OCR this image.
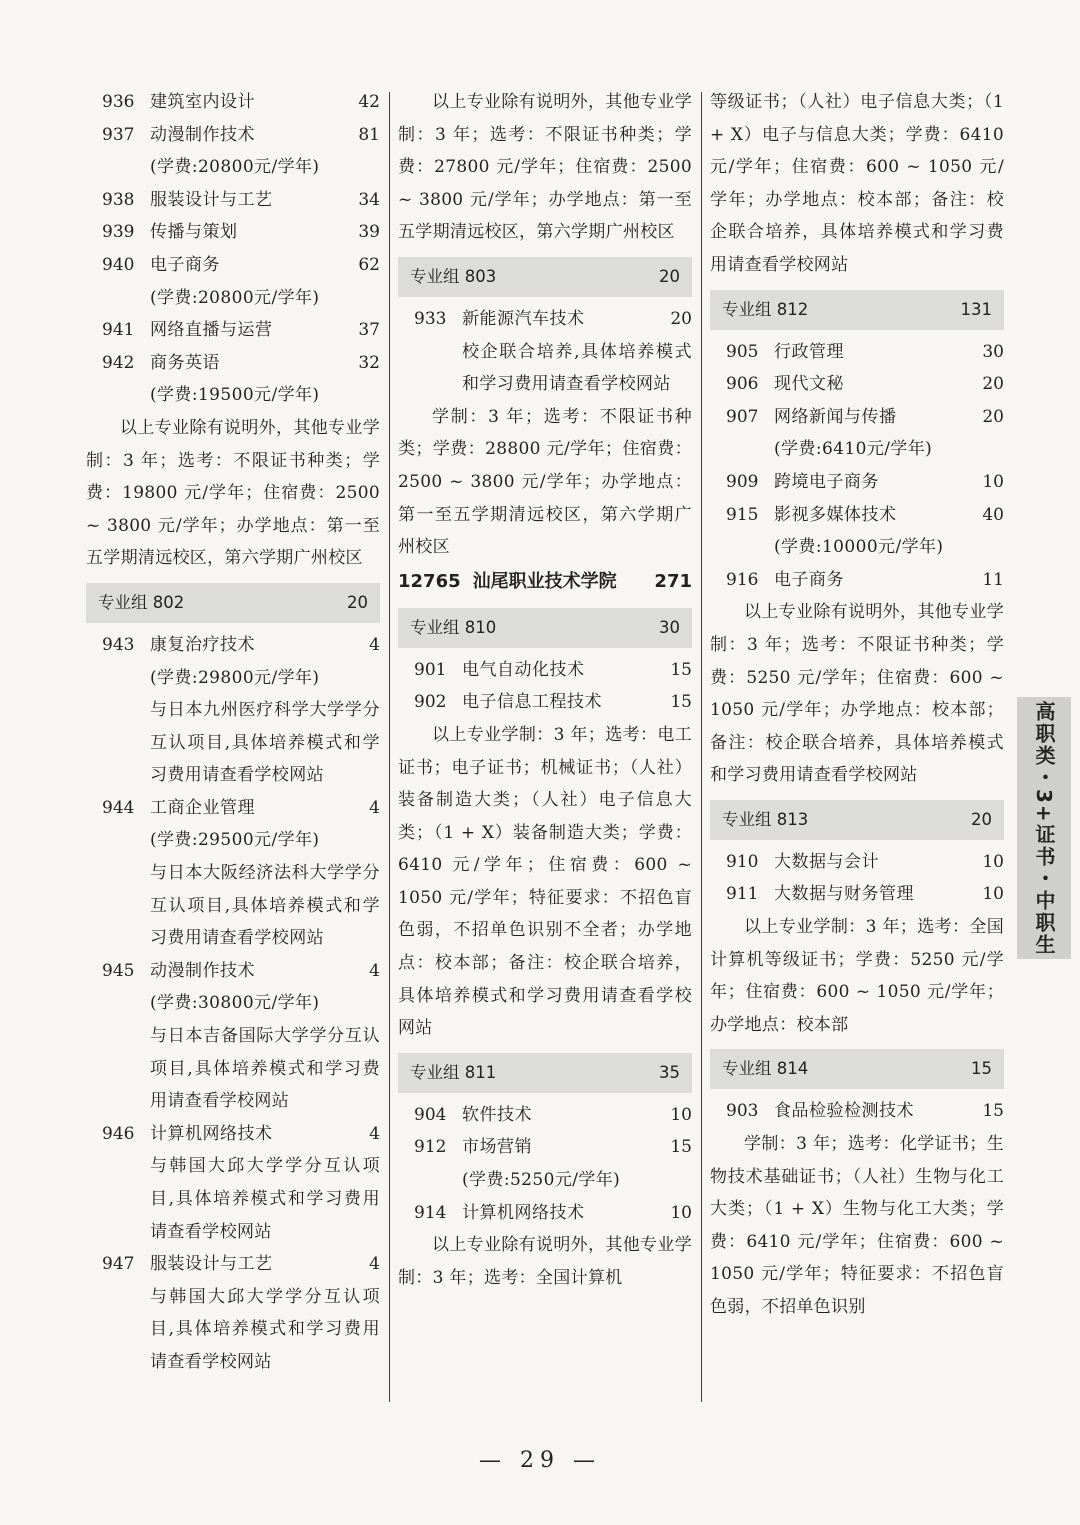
936 建筑室内设计	42
937 动漫制作技术	81
(学费:20800元/学年)
938 服装设计与工艺	34
939 传播与策划	39
940 电子商务	62
(学费:20800元/学年)
941 网络直播与运营	37
942 商务英语	32
(学费:19500元/学年)
以上专业除有说明外，其他专业学制：3 年；选考：不限证书种类；学费：19800 元/学年；住宿费：2500 ~ 3800 元/学年；办学地点：第一至五学期清远校区，第六学期广州校区
专业组 802	20
943 康复治疗技术	4
(学费:29800元/学年)
与日本九州医疗科学大学学分互认项目,具体培养模式和学习费用请查看学校网站
944 工商企业管理	4
(学费:29500元/学年)
与日本大阪经济法科大学学分互认项目,具体培养模式和学习费用请查看学校网站
945 动漫制作技术	4
(学费:30800元/学年)
与日本吉备国际大学学分互认项目,具体培养模式和学习费用请查看学校网站
946 计算机网络技术	4
与韩国大邱大学学分互认项目,具体培养模式和学习费用请查看学校网站
947 服装设计与工艺	4
与韩国大邱大学学分互认项目,具体培养模式和学习费用请查看学校网站
以上专业除有说明外，其他专业学制：3 年；选考：不限证书种类；学费：27800 元/学年；住宿费：2500 ~ 3800 元/学年；办学地点：第一至五学期清远校区，第六学期广州校区
专业组 803	20
933 新能源汽车技术	20
校企联合培养,具体培养模式和学习费用请查看学校网站
学制：3 年；选考：不限证书种类；学费：28800 元/学年；住宿费：2500 ~ 3800 元/学年；办学地点：第一至五学期清远校区，第六学期广州校区
12765 汕尾职业技术学院	271
专业组 810	30
901 电气自动化技术	15
902 电子信息工程技术	15
以上专业学制：3 年；选考：电工证书；电子证书；机械证书；（人社）装备制造大类；（人社）电子信息大类；（1 + X）装备制造大类；学费：6410 元/学年；住宿费：600 ~ 1050 元/学年；特征要求：不招色盲色弱，不招单色识别不全者；办学地点：校本部；备注：校企联合培养，具体培养模式和学习费用请查看学校网站
专业组 811	35
904 软件技术	10
912 市场营销	15
(学费:5250元/学年)
914 计算机网络技术	10
以上专业除有说明外，其他专业学制：3 年；选考：全国计算机
等级证书；（人社）电子信息大类；（1 + X）电子与信息大类；学费：6410 元/学年；住宿费：600 ~ 1050 元/学年；办学地点：校本部；备注：校企联合培养，具体培养模式和学习费用请查看学校网站
专业组 812	131
905 行政管理	30
906 现代文秘	20
907 网络新闻与传播	20
(学费:6410元/学年)
909 跨境电子商务	10
915 影视多媒体技术	40
(学费:10000元/学年)
916 电子商务	11
以上专业除有说明外，其他专业学制：3 年；选考：不限证书种类；学费：5250 元/学年；住宿费：600 ~ 1050 元/学年；办学地点：校本部；备注：校企联合培养，具体培养模式和学习费用请查看学校网站
专业组 813	20
910 大数据与会计	10
911 大数据与财务管理	10
以上专业学制：3 年；选考：全国计算机等级证书；学费：5250 元/学年；住宿费：600 ~ 1050 元/学年；办学地点：校本部
专业组 814	15
903 食品检验检测技术	15
学制：3 年；选考：化学证书；生物技术基础证书；（人社）生物与化工大类；（1 + X）生物与化工大类；学费：6410 元/学年；住宿费：600 ~ 1050 元/学年；特征要求：不招色盲色弱，不招单色识别
高职类・3+证书・中职生
— 29 —
